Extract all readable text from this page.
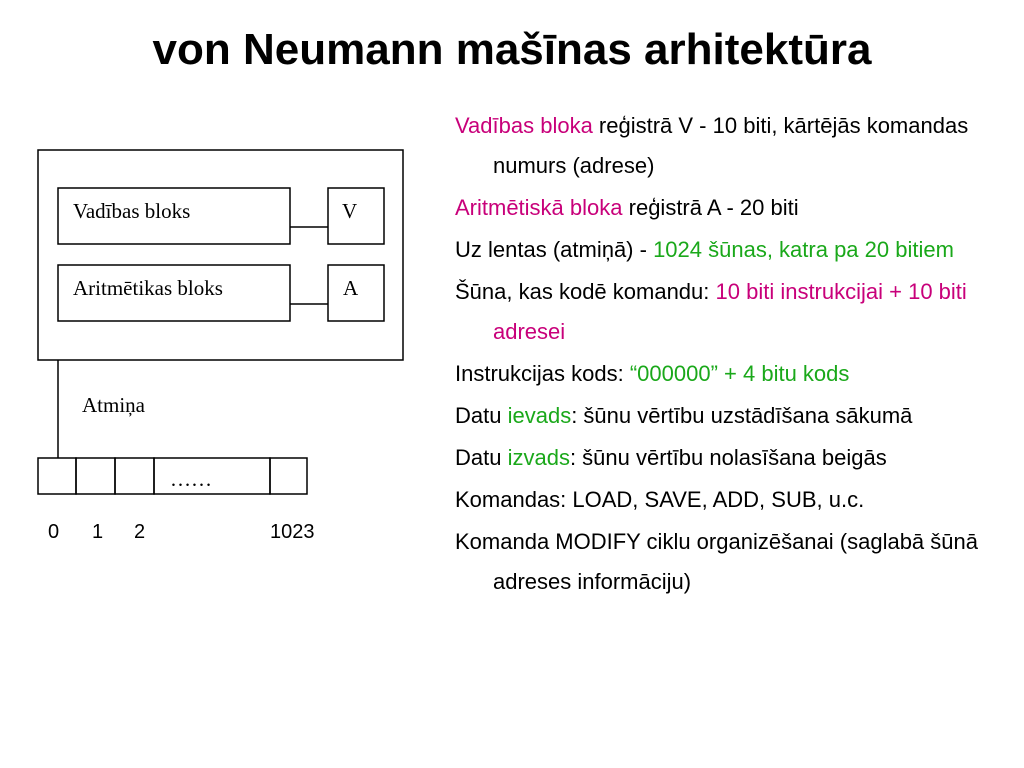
von Neumann mašīnas arhitektūra
Vadības bloks	V
Aritmētikas bloks	A
Atmiņa
……
0 1 2	1023
Vadības bloka reģistrā V - 10 biti, kārtējās komandas numurs (adrese)
Aritmētiskā bloka reģistrā A - 20 biti
Uz lentas (atmiņā) - 1024 šūnas, katra pa 20 bitiem
Šūna, kas kodē komandu: 10 biti instrukcijai + 10 biti adresei
Instrukcijas kods: “000000” + 4 bitu kods
Datu ievads: šūnu vērtību uzstādīšana sākumā
Datu izvads: šūnu vērtību nolasīšana beigās
Komandas: LOAD, SAVE, ADD, SUB, u.c.
Komanda MODIFY ciklu organizēšanai (saglabā šūnā adreses informāciju)
